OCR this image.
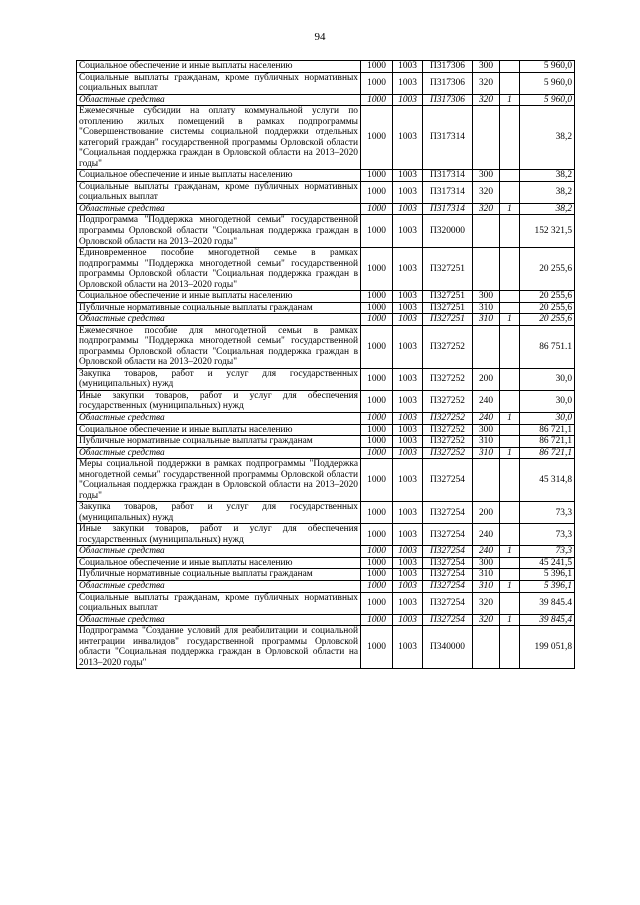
94
Социальное обеспечение и иные выплаты населению	1000	1003	П317306	300		5 960,0
Социальные выплаты гражданам, кроме публичных нормативных социальных выплат	1000	1003	П317306	320		5 960,0
Областные средства	1000	1003	П317306	320	1	5 960,0
Ежемесячные субсидии на оплату коммунальной услуги по отоплению жилых помещений в рамках подпрограммы "Совершенствование системы социальной поддержки отдельных категорий граждан" государственной программы Орловской области "Социальная поддержка граждан в Орловской области на 2013–2020 годы"	1000	1003	П317314			38,2
Социальное обеспечение и иные выплаты населению	1000	1003	П317314	300		38,2
Социальные выплаты гражданам, кроме публичных нормативных социальных выплат	1000	1003	П317314	320		38,2
Областные средства	1000	1003	П317314	320	1	38,2
Подпрограмма "Поддержка многодетной семьи" государственной программы Орловской области "Социальная поддержка граждан в Орловской области на 2013–2020 годы"	1000	1003	П320000			152 321,5
Единовременное пособие многодетной семье в рамках подпрограммы "Поддержка многодетной семьи" государственной программы Орловской области "Социальная поддержка граждан в Орловской области на 2013–2020 годы"	1000	1003	П327251			20 255,6
Социальное обеспечение и иные выплаты населению	1000	1003	П327251	300		20 255,6
Публичные нормативные социальные выплаты гражданам	1000	1003	П327251	310		20 255,6
Областные средства	1000	1003	П327251	310	1	20 255,6
Ежемесячное пособие для многодетной семьи в рамках подпрограммы "Поддержка многодетной семьи" государственной программы Орловской области "Социальная поддержка граждан в Орловской области на 2013–2020 годы"	1000	1003	П327252			86 751.1
Закупка товаров, работ и услуг для государственных (муниципальных) нужд	1000	1003	П327252	200		30,0
Иные закупки товаров, работ и услуг для обеспечения государственных (муниципальных) нужд	1000	1003	П327252	240		30,0
Областные средства	1000	1003	П327252	240	1	30,0
Социальное обеспечение и иные выплаты населению	1000	1003	П327252	300		86 721,1
Публичные нормативные социальные выплаты гражданам	1000	1003	П327252	310		86 721,1
Областные средства	1000	1003	П327252	310	1	86 721,1
Меры социальной поддержки в рамках подпрограммы "Поддержка многодетной семьи" государственной программы Орловской области "Социальная поддержка граждан в Орловской области на 2013–2020 годы"	1000	1003	П327254			45 314,8
Закупка товаров, работ и услуг для государственных (муниципальных) нужд	1000	1003	П327254	200		73,3
Иные закупки товаров, работ и услуг для обеспечения государственных (муниципальных) нужд	1000	1003	П327254	240		73,3
Областные средства	1000	1003	П327254	240	1	73,3
Социальное обеспечение и иные выплаты населению	1000	1003	П327254	300		45 241,5
Публичные нормативные социальные выплаты гражданам	1000	1003	П327254	310		5 396,1
Областные средства	1000	1003	П327254	310	1	5 396,1
Социальные выплаты гражданам, кроме публичных нормативных социальных выплат	1000	1003	П327254	320		39 845.4
Областные средства	1000	1003	П327254	320	1	39 845,4
Подпрограмма "Создание условий для реабилитации и социальной интеграции инвалидов" государственной программы Орловской области "Социальная поддержка граждан в Орловской области на 2013–2020 годы"	1000	1003	П340000			199 051,8
